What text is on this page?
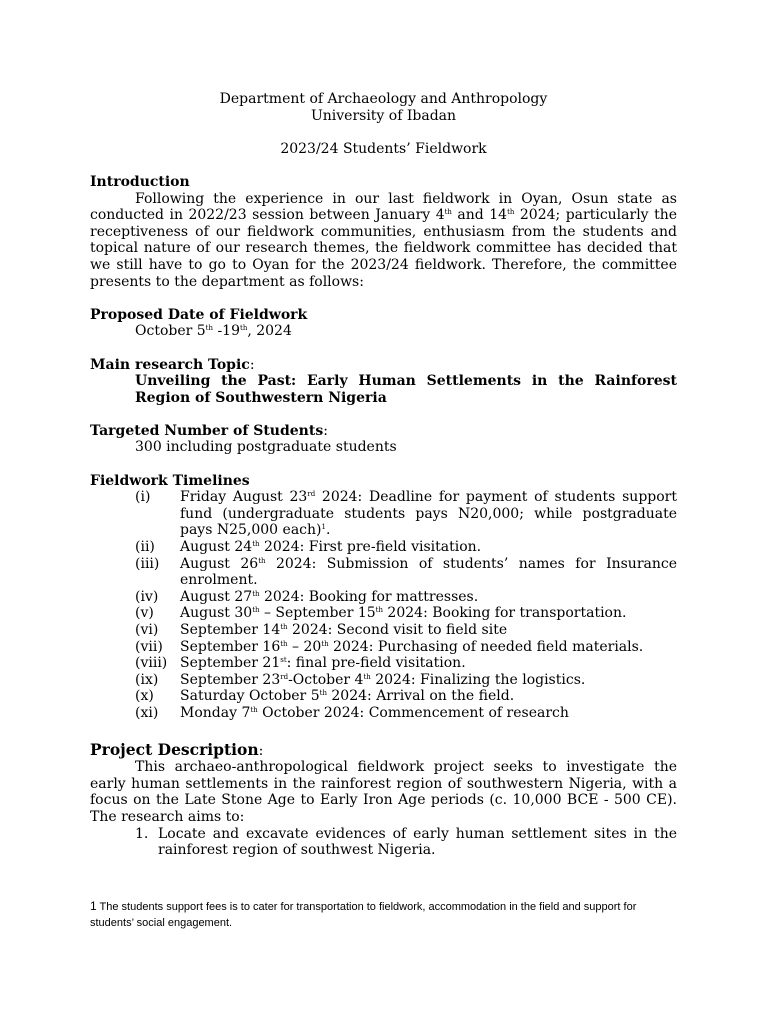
Department of Archaeology and Anthropology
University of Ibadan
2023/24 Students’ Fieldwork
Introduction

Following the experience in our last fieldwork in Oyan, Osun state as conducted in 2022/23 session between January 4th and 14th 2024; particularly the receptiveness of our fieldwork communities, enthusiasm from the students and topical nature of our research themes, the fieldwork committee has decided that we still have to go to Oyan for the 2023/24 fieldwork. Therefore, the committee presents to the department as follows:

Proposed Date of Fieldwork
October 5th -19th, 2024
Main research Topic:
Unveiling the Past: Early Human Settlements in the Rainforest Region of Southwestern Nigeria
Targeted Number of Students:
300 including postgraduate students
Fieldwork Timelines
(i)	Friday August 23rd 2024: Deadline for payment of students support fund (undergraduate students pays N20,000; while postgraduate pays N25,000 each)$^1$.
(ii)	August 24th 2024: First pre-field visitation.
(iii)	August 26th 2024: Submission of students’ names for Insurance enrolment.
(iv)	August 27th 2024: Booking for mattresses.
(v)	August 30th – September 15th 2024: Booking for transportation.
(vi)	September 14th 2024: Second visit to field site
(vii)	September 16th – 20th 2024: Purchasing of needed field materials.
(viii) September 21st: final pre-field visitation.
(ix)	September 23rd-October 4th 2024: Finalizing the logistics.
(x)	Saturday October 5th 2024: Arrival on the field.
(xi)	Monday 7th October 2024: Commencement of research
Project Description:

This archaeo-anthropological fieldwork project seeks to investigate the early human settlements in the rainforest region of southwestern Nigeria, with a focus on the Late Stone Age to Early Iron Age periods (c. 10,000 BCE - 500 CE). The research aims to:

1. Locate and excavate evidences of early human settlement sites in the rainforest region of southwest Nigeria.
1 The students support fees is to cater for transportation to fieldwork, accommodation in the field and support for students’ social engagement.
